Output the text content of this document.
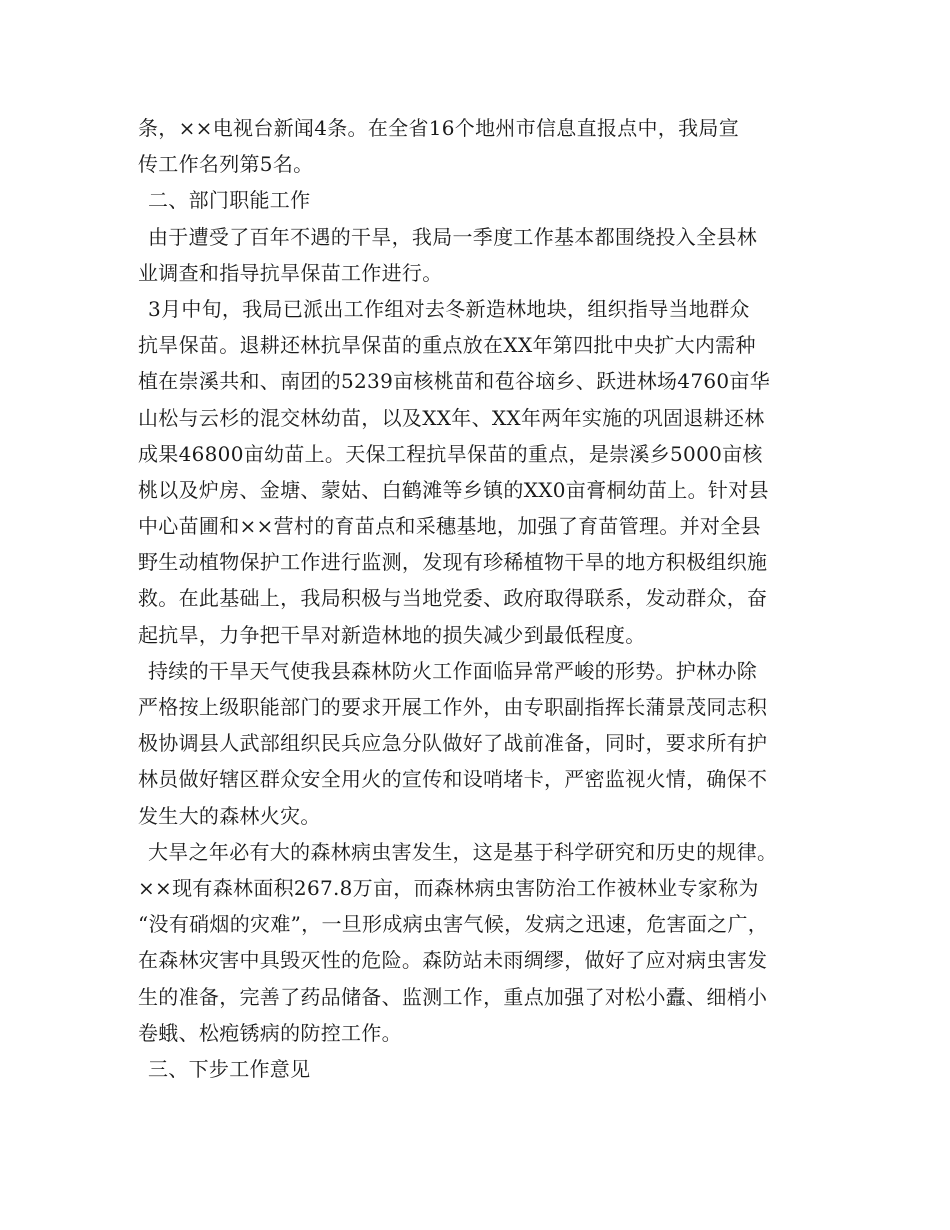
条，××电视台新闻4条。在全省16个地州市信息直报点中，我局宣
传工作名列第5名。
二、部门职能工作
由于遭受了百年不遇的干旱，我局一季度工作基本都围绕投入全县林
业调查和指导抗旱保苗工作进行。
3月中旬，我局已派出工作组对去冬新造林地块，组织指导当地群众
抗旱保苗。退耕还林抗旱保苗的重点放在XX年第四批中央扩大内需种
植在崇溪共和、南团的5239亩核桃苗和苞谷垴乡、跃进林场4760亩华
山松与云杉的混交林幼苗，以及XX年、XX年两年实施的巩固退耕还林
成果46800亩幼苗上。天保工程抗旱保苗的重点，是崇溪乡5000亩核
桃以及炉房、金塘、蒙姑、白鹤滩等乡镇的XX0亩膏桐幼苗上。针对县
中心苗圃和××营村的育苗点和采穗基地，加强了育苗管理。并对全县
野生动植物保护工作进行监测，发现有珍稀植物干旱的地方积极组织施
救。在此基础上，我局积极与当地党委、政府取得联系，发动群众，奋
起抗旱，力争把干旱对新造林地的损失减少到最低程度。
持续的干旱天气使我县森林防火工作面临异常严峻的形势。护林办除
严格按上级职能部门的要求开展工作外，由专职副指挥长蒲景茂同志积
极协调县人武部组织民兵应急分队做好了战前准备，同时，要求所有护
林员做好辖区群众安全用火的宣传和设哨堵卡，严密监视火情，确保不
发生大的森林火灾。
大旱之年必有大的森林病虫害发生，这是基于科学研究和历史的规律。
××现有森林面积267.8万亩，而森林病虫害防治工作被林业专家称为
“没有硝烟的灾难”，一旦形成病虫害气候，发病之迅速，危害面之广，
在森林灾害中具毁灭性的危险。森防站未雨绸缪，做好了应对病虫害发
生的准备，完善了药品储备、监测工作，重点加强了对松小蠹、细梢小
卷蛾、松疱锈病的防控工作。
三、下步工作意见
